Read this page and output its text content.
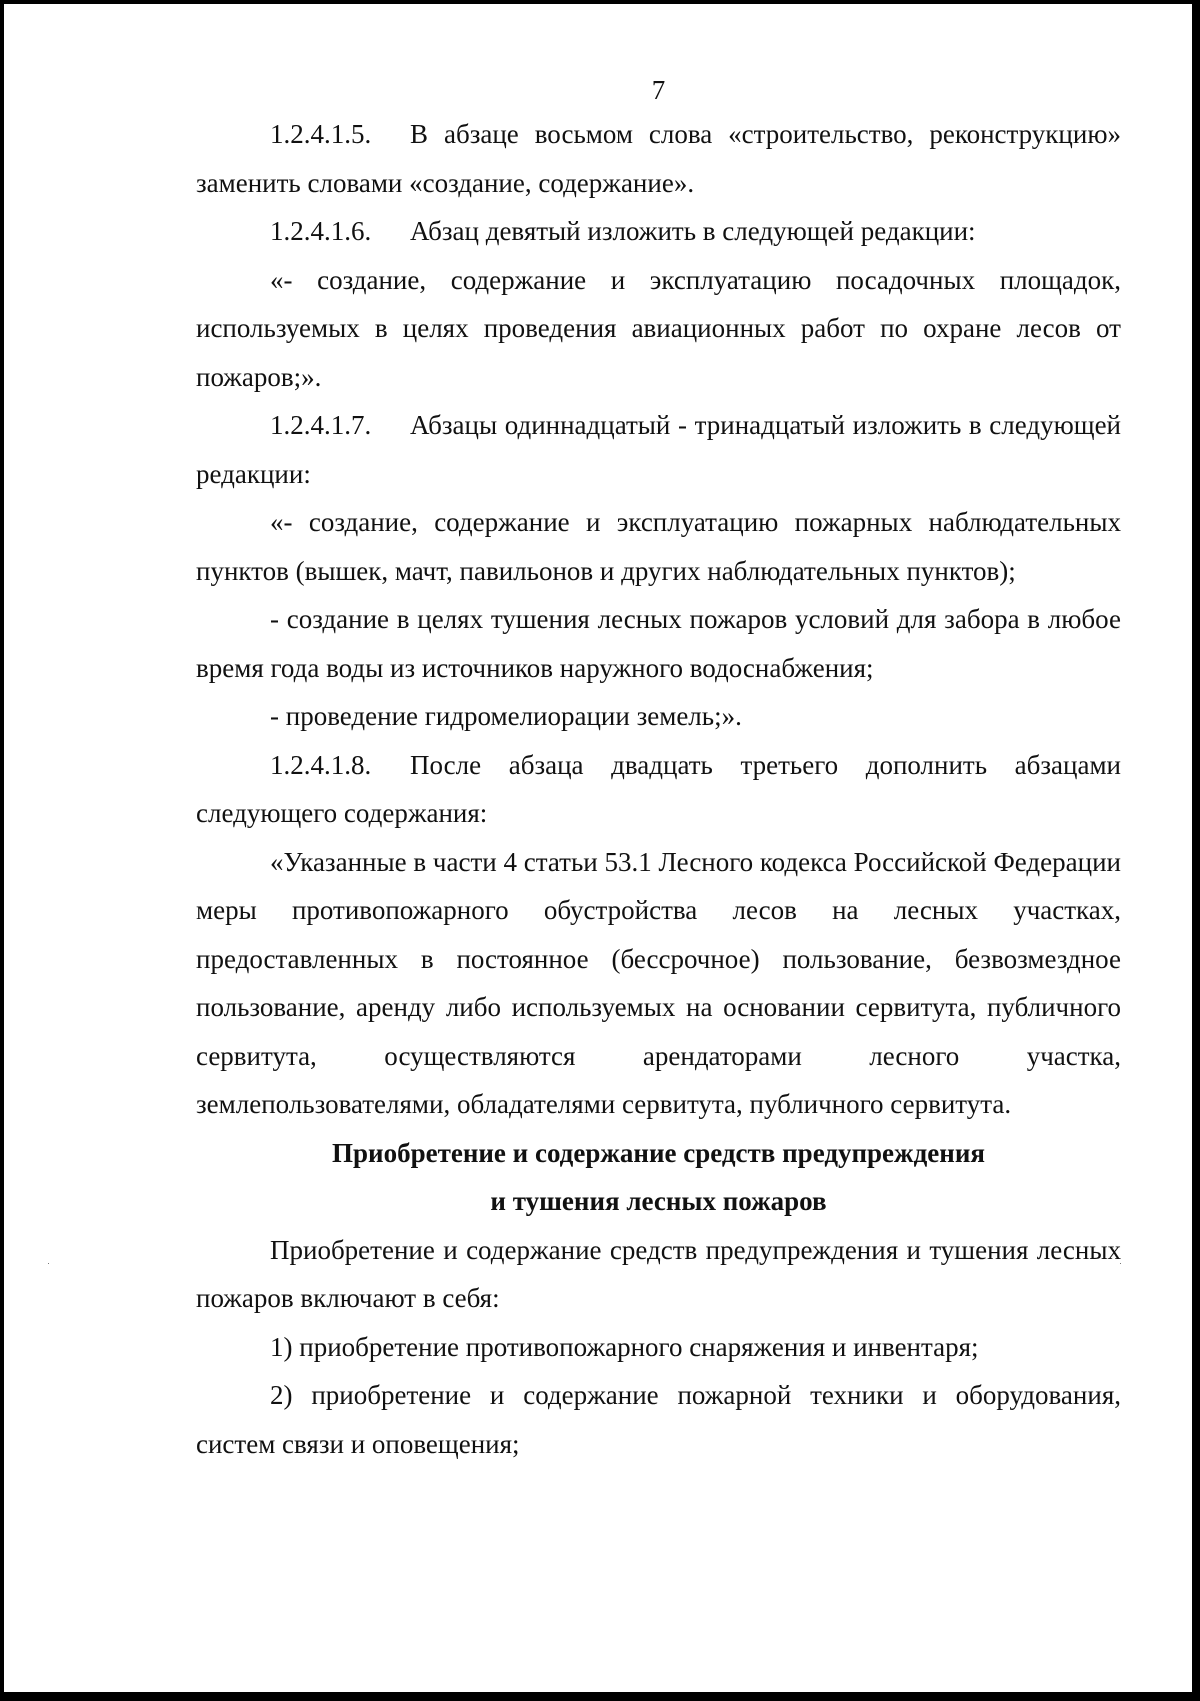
7

1.2.4.1.5. В абзаце восьмом слова «строительство, реконструкцию» заменить словами «создание, содержание».

1.2.4.1.6. Абзац девятый изложить в следующей редакции:

«- создание, содержание и эксплуатацию посадочных площадок, используемых в целях проведения авиационных работ по охране лесов от пожаров;».

1.2.4.1.7. Абзацы одиннадцатый - тринадцатый изложить в следующей редакции:

«- создание, содержание и эксплуатацию пожарных наблюдательных пунктов (вышек, мачт, павильонов и других наблюдательных пунктов);

- создание в целях тушения лесных пожаров условий для забора в любое время года воды из источников наружного водоснабжения;

- проведение гидромелиорации земель;».

1.2.4.1.8. После абзаца двадцать третьего дополнить абзацами следующего содержания:

«Указанные в части 4 статьи 53.1 Лесного кодекса Российской Федерации меры противопожарного обустройства лесов на лесных участках, предоставленных в постоянное (бессрочное) пользование, безвозмездное пользование, аренду либо используемых на основании сервитута, публичного сервитута, осуществляются арендаторами лесного участка, землепользователями, обладателями сервитута, публичного сервитута.

Приобретение и содержание средств предупреждения

и тушения лесных пожаров

Приобретение и содержание средств предупреждения и тушения лесных пожаров включают в себя:

1) приобретение противопожарного снаряжения и инвентаря;

2) приобретение и содержание пожарной техники и оборудования, систем связи и оповещения;
